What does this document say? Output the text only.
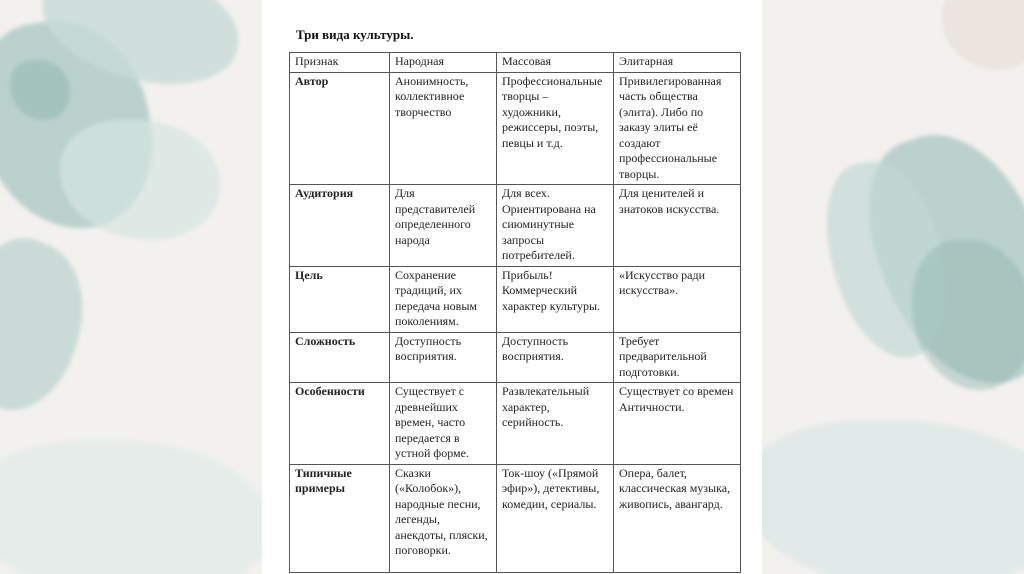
Три вида культуры.
Признак	Народная	Массовая	Элитарная
Автор	Анонимность, коллективное творчество	Профессиональные творцы – художники, режиссеры, поэты, певцы и т.д.	Привилегированная часть общества (элита). Либо по заказу элиты её создают профессиональные творцы.
Аудитория	Для представителей определенного народа	Для всех. Ориентирована на сиюминутные запросы потребителей.	Для ценителей и знатоков искусства.
Цель	Сохранение традиций, их передача новым поколениям.	Прибыль! Коммерческий характер культуры.	«Искусство ради искусства».
Сложность	Доступность восприятия.	Доступность восприятия.	Требует предварительной подготовки.
Особенности	Существует с древнейших времен, часто передается в устной форме.	Развлекательный характер, серийность.	Существует со времен Античности.
Типичные примеры	Сказки («Колобок»), народные песни, легенды, анекдоты, пляски, поговорки.	Ток-шоу («Прямой эфир»), детективы, комедии, сериалы.	Опера, балет, классическая музыка, живопись, авангард.
